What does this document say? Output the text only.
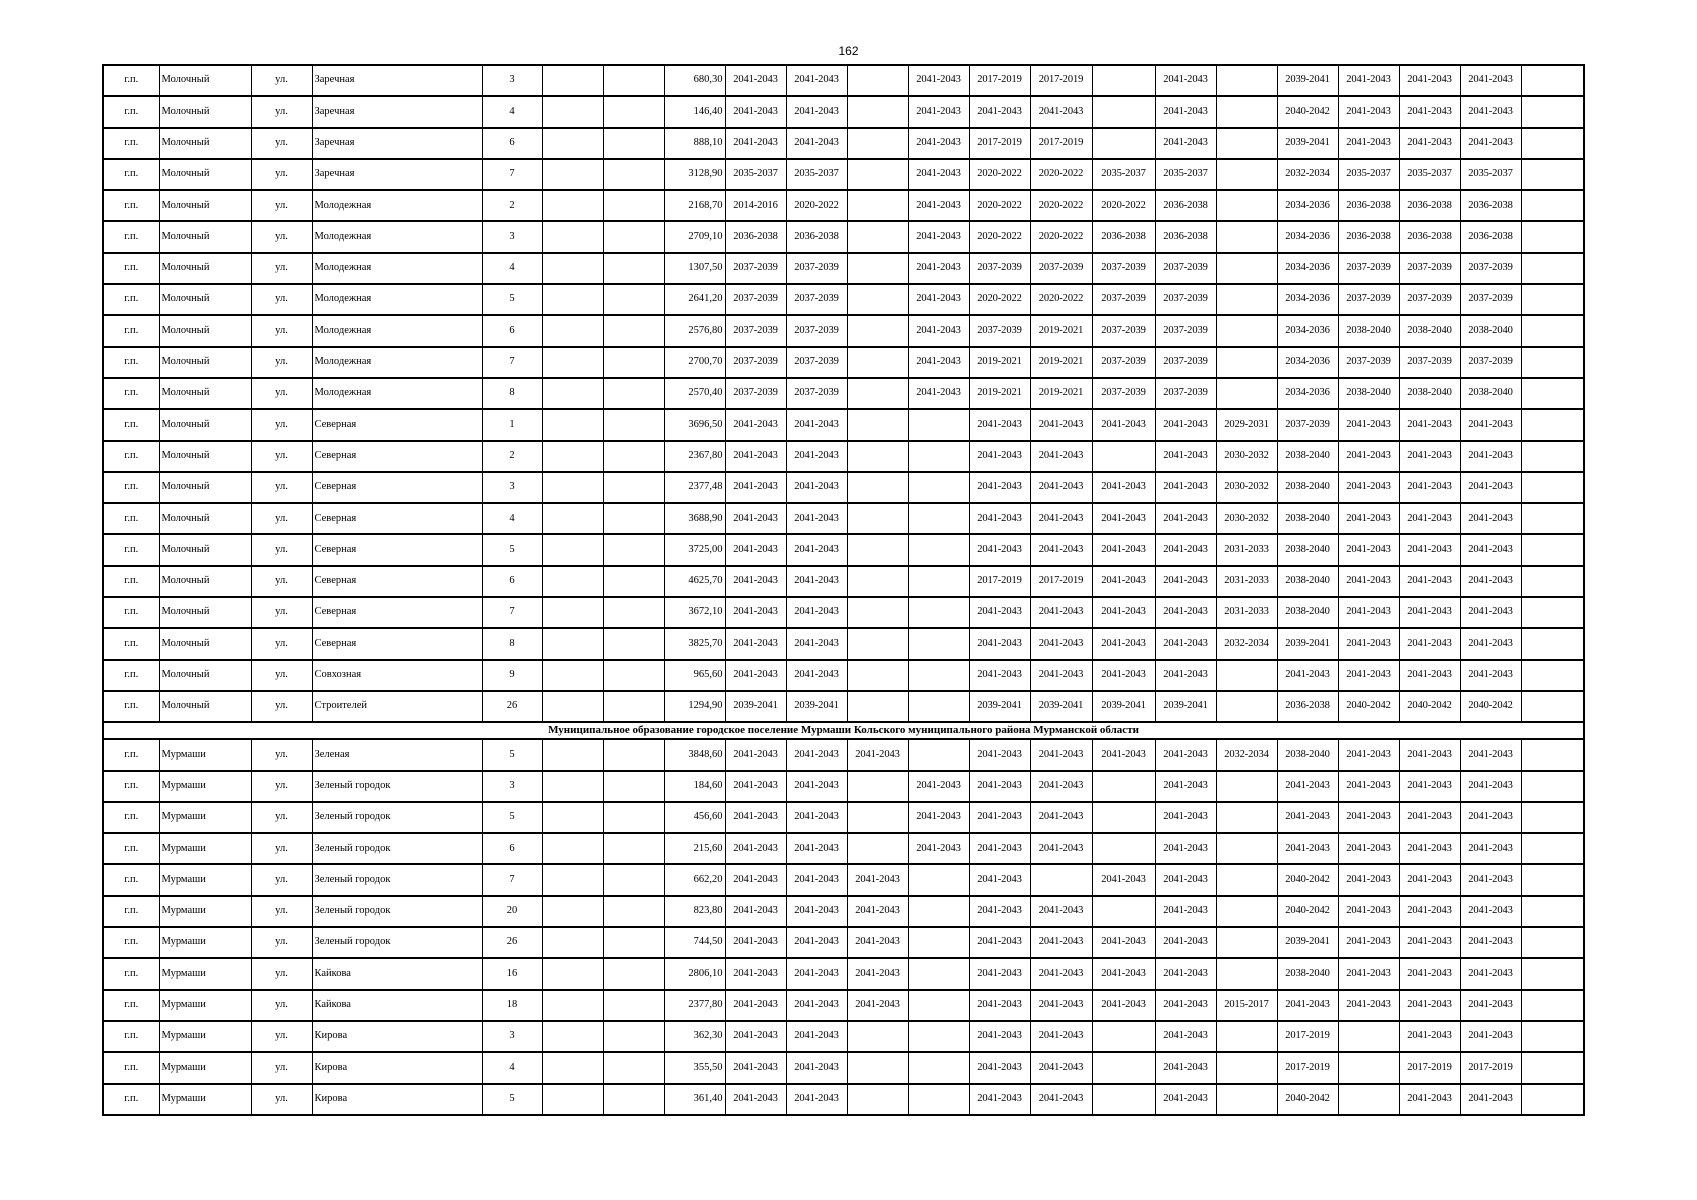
162
г.п.	Молочный	ул.	Заречная	3			680,30	2041-2043	2041-2043		2041-2043	2017-2019	2017-2019		2041-2043		2039-2041	2041-2043	2041-2043	2041-2043	
г.п.	Молочный	ул.	Заречная	4			146,40	2041-2043	2041-2043		2041-2043	2041-2043	2041-2043		2041-2043		2040-2042	2041-2043	2041-2043	2041-2043	
г.п.	Молочный	ул.	Заречная	6			888,10	2041-2043	2041-2043		2041-2043	2017-2019	2017-2019		2041-2043		2039-2041	2041-2043	2041-2043	2041-2043	
г.п.	Молочный	ул.	Заречная	7			3128,90	2035-2037	2035-2037		2041-2043	2020-2022	2020-2022	2035-2037	2035-2037		2032-2034	2035-2037	2035-2037	2035-2037	
г.п.	Молочный	ул.	Молодежная	2			2168,70	2014-2016	2020-2022		2041-2043	2020-2022	2020-2022	2020-2022	2036-2038		2034-2036	2036-2038	2036-2038	2036-2038	
г.п.	Молочный	ул.	Молодежная	3			2709,10	2036-2038	2036-2038		2041-2043	2020-2022	2020-2022	2036-2038	2036-2038		2034-2036	2036-2038	2036-2038	2036-2038	
г.п.	Молочный	ул.	Молодежная	4			1307,50	2037-2039	2037-2039		2041-2043	2037-2039	2037-2039	2037-2039	2037-2039		2034-2036	2037-2039	2037-2039	2037-2039	
г.п.	Молочный	ул.	Молодежная	5			2641,20	2037-2039	2037-2039		2041-2043	2020-2022	2020-2022	2037-2039	2037-2039		2034-2036	2037-2039	2037-2039	2037-2039	
г.п.	Молочный	ул.	Молодежная	6			2576,80	2037-2039	2037-2039		2041-2043	2037-2039	2019-2021	2037-2039	2037-2039		2034-2036	2038-2040	2038-2040	2038-2040	
г.п.	Молочный	ул.	Молодежная	7			2700,70	2037-2039	2037-2039		2041-2043	2019-2021	2019-2021	2037-2039	2037-2039		2034-2036	2037-2039	2037-2039	2037-2039	
г.п.	Молочный	ул.	Молодежная	8			2570,40	2037-2039	2037-2039		2041-2043	2019-2021	2019-2021	2037-2039	2037-2039		2034-2036	2038-2040	2038-2040	2038-2040	
г.п.	Молочный	ул.	Северная	1			3696,50	2041-2043	2041-2043			2041-2043	2041-2043	2041-2043	2041-2043	2029-2031	2037-2039	2041-2043	2041-2043	2041-2043	
г.п.	Молочный	ул.	Северная	2			2367,80	2041-2043	2041-2043			2041-2043	2041-2043		2041-2043	2030-2032	2038-2040	2041-2043	2041-2043	2041-2043	
г.п.	Молочный	ул.	Северная	3			2377,48	2041-2043	2041-2043			2041-2043	2041-2043	2041-2043	2041-2043	2030-2032	2038-2040	2041-2043	2041-2043	2041-2043	
г.п.	Молочный	ул.	Северная	4			3688,90	2041-2043	2041-2043			2041-2043	2041-2043	2041-2043	2041-2043	2030-2032	2038-2040	2041-2043	2041-2043	2041-2043	
г.п.	Молочный	ул.	Северная	5			3725,00	2041-2043	2041-2043			2041-2043	2041-2043	2041-2043	2041-2043	2031-2033	2038-2040	2041-2043	2041-2043	2041-2043	
г.п.	Молочный	ул.	Северная	6			4625,70	2041-2043	2041-2043			2017-2019	2017-2019	2041-2043	2041-2043	2031-2033	2038-2040	2041-2043	2041-2043	2041-2043	
г.п.	Молочный	ул.	Северная	7			3672,10	2041-2043	2041-2043			2041-2043	2041-2043	2041-2043	2041-2043	2031-2033	2038-2040	2041-2043	2041-2043	2041-2043	
г.п.	Молочный	ул.	Северная	8			3825,70	2041-2043	2041-2043			2041-2043	2041-2043	2041-2043	2041-2043	2032-2034	2039-2041	2041-2043	2041-2043	2041-2043	
г.п.	Молочный	ул.	Совхозная	9			965,60	2041-2043	2041-2043			2041-2043	2041-2043	2041-2043	2041-2043		2041-2043	2041-2043	2041-2043	2041-2043	
г.п.	Молочный	ул.	Строителей	26			1294,90	2039-2041	2039-2041			2039-2041	2039-2041	2039-2041	2039-2041		2036-2038	2040-2042	2040-2042	2040-2042	
Муниципальное образование городское поселение Мурмаши Кольского муниципального района Мурманской области																					
г.п.	Мурмаши	ул.	Зеленая	5			3848,60	2041-2043	2041-2043	2041-2043		2041-2043	2041-2043	2041-2043	2041-2043	2032-2034	2038-2040	2041-2043	2041-2043	2041-2043	
г.п.	Мурмаши	ул.	Зеленый городок	3			184,60	2041-2043	2041-2043		2041-2043	2041-2043	2041-2043		2041-2043		2041-2043	2041-2043	2041-2043	2041-2043	
г.п.	Мурмаши	ул.	Зеленый городок	5			456,60	2041-2043	2041-2043		2041-2043	2041-2043	2041-2043		2041-2043		2041-2043	2041-2043	2041-2043	2041-2043	
г.п.	Мурмаши	ул.	Зеленый городок	6			215,60	2041-2043	2041-2043		2041-2043	2041-2043	2041-2043		2041-2043		2041-2043	2041-2043	2041-2043	2041-2043	
г.п.	Мурмаши	ул.	Зеленый городок	7			662,20	2041-2043	2041-2043	2041-2043		2041-2043		2041-2043	2041-2043		2040-2042	2041-2043	2041-2043	2041-2043	
г.п.	Мурмаши	ул.	Зеленый городок	20			823,80	2041-2043	2041-2043	2041-2043		2041-2043	2041-2043		2041-2043		2040-2042	2041-2043	2041-2043	2041-2043	
г.п.	Мурмаши	ул.	Зеленый городок	26			744,50	2041-2043	2041-2043	2041-2043		2041-2043	2041-2043	2041-2043	2041-2043		2039-2041	2041-2043	2041-2043	2041-2043	
г.п.	Мурмаши	ул.	Кайкова	16			2806,10	2041-2043	2041-2043	2041-2043		2041-2043	2041-2043	2041-2043	2041-2043		2038-2040	2041-2043	2041-2043	2041-2043	
г.п.	Мурмаши	ул.	Кайкова	18			2377,80	2041-2043	2041-2043	2041-2043		2041-2043	2041-2043	2041-2043	2041-2043	2015-2017	2041-2043	2041-2043	2041-2043	2041-2043	
г.п.	Мурмаши	ул.	Кирова	3			362,30	2041-2043	2041-2043			2041-2043	2041-2043		2041-2043		2017-2019		2041-2043	2041-2043	
г.п.	Мурмаши	ул.	Кирова	4			355,50	2041-2043	2041-2043			2041-2043	2041-2043		2041-2043		2017-2019		2017-2019	2017-2019	
г.п.	Мурмаши	ул.	Кирова	5			361,40	2041-2043	2041-2043			2041-2043	2041-2043		2041-2043		2040-2042		2041-2043	2041-2043	
